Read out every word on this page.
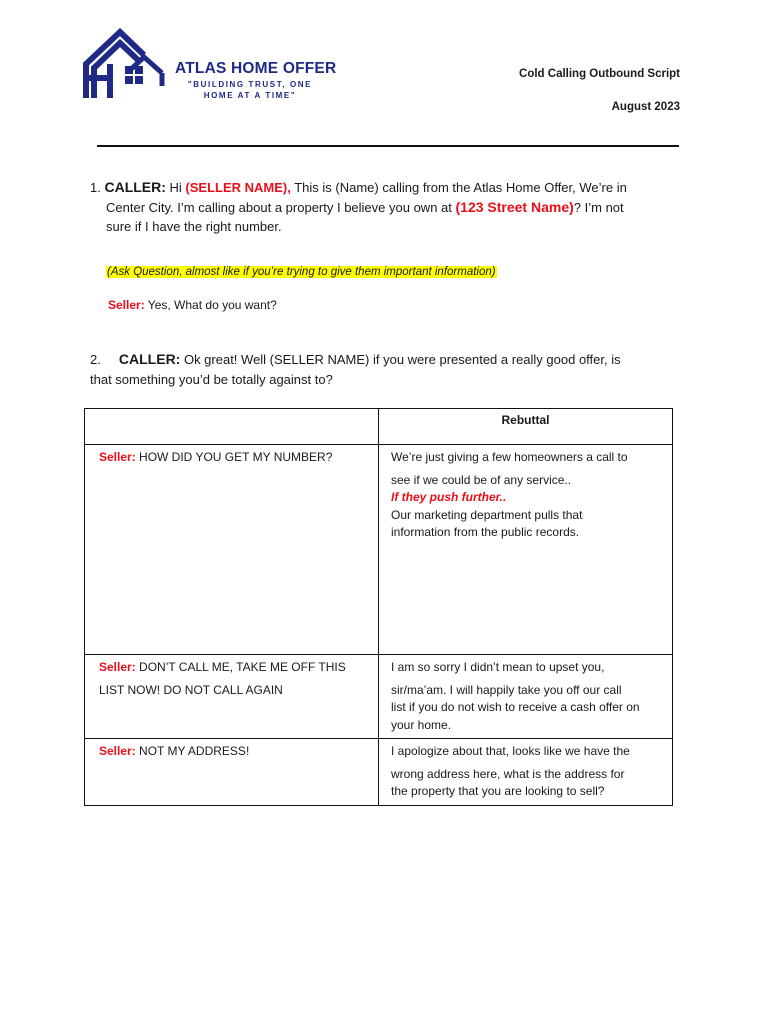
ATLAS HOME OFFER
"BUILDING TRUST, ONE HOME AT A TIME"
Cold Calling Outbound Script
August 2023
1. CALLER: Hi (SELLER NAME), This is (Name) calling from the Atlas Home Offer, We’re in
Center City. I’m calling about a property I believe you own at (123 Street Name)? I’m not
sure if I have the right number.
(Ask Question, almost like if you’re trying to give them important information)
Seller: Yes, What do you want?
2. CALLER: Ok great! Well (SELLER NAME) if you were presented a really good offer, is
that something you’d be totally against to?
	Rebuttal

Seller: HOW DID YOU GET MY NUMBER?	We’re just giving a few homeowners a call to
see if we could be of any service..
If they push further..
Our marketing department pulls that
information from the public records.

Seller: DON’T CALL ME, TAKE ME OFF THIS
LIST NOW! DO NOT CALL AGAIN	I am so sorry I didn’t mean to upset you,
sir/ma’am. I will happily take you off our call
list if you do not wish to receive a cash offer on
your home.

Seller: NOT MY ADDRESS!	I apologize about that, looks like we have the
wrong address here, what is the address for
the property that you are looking to sell?
